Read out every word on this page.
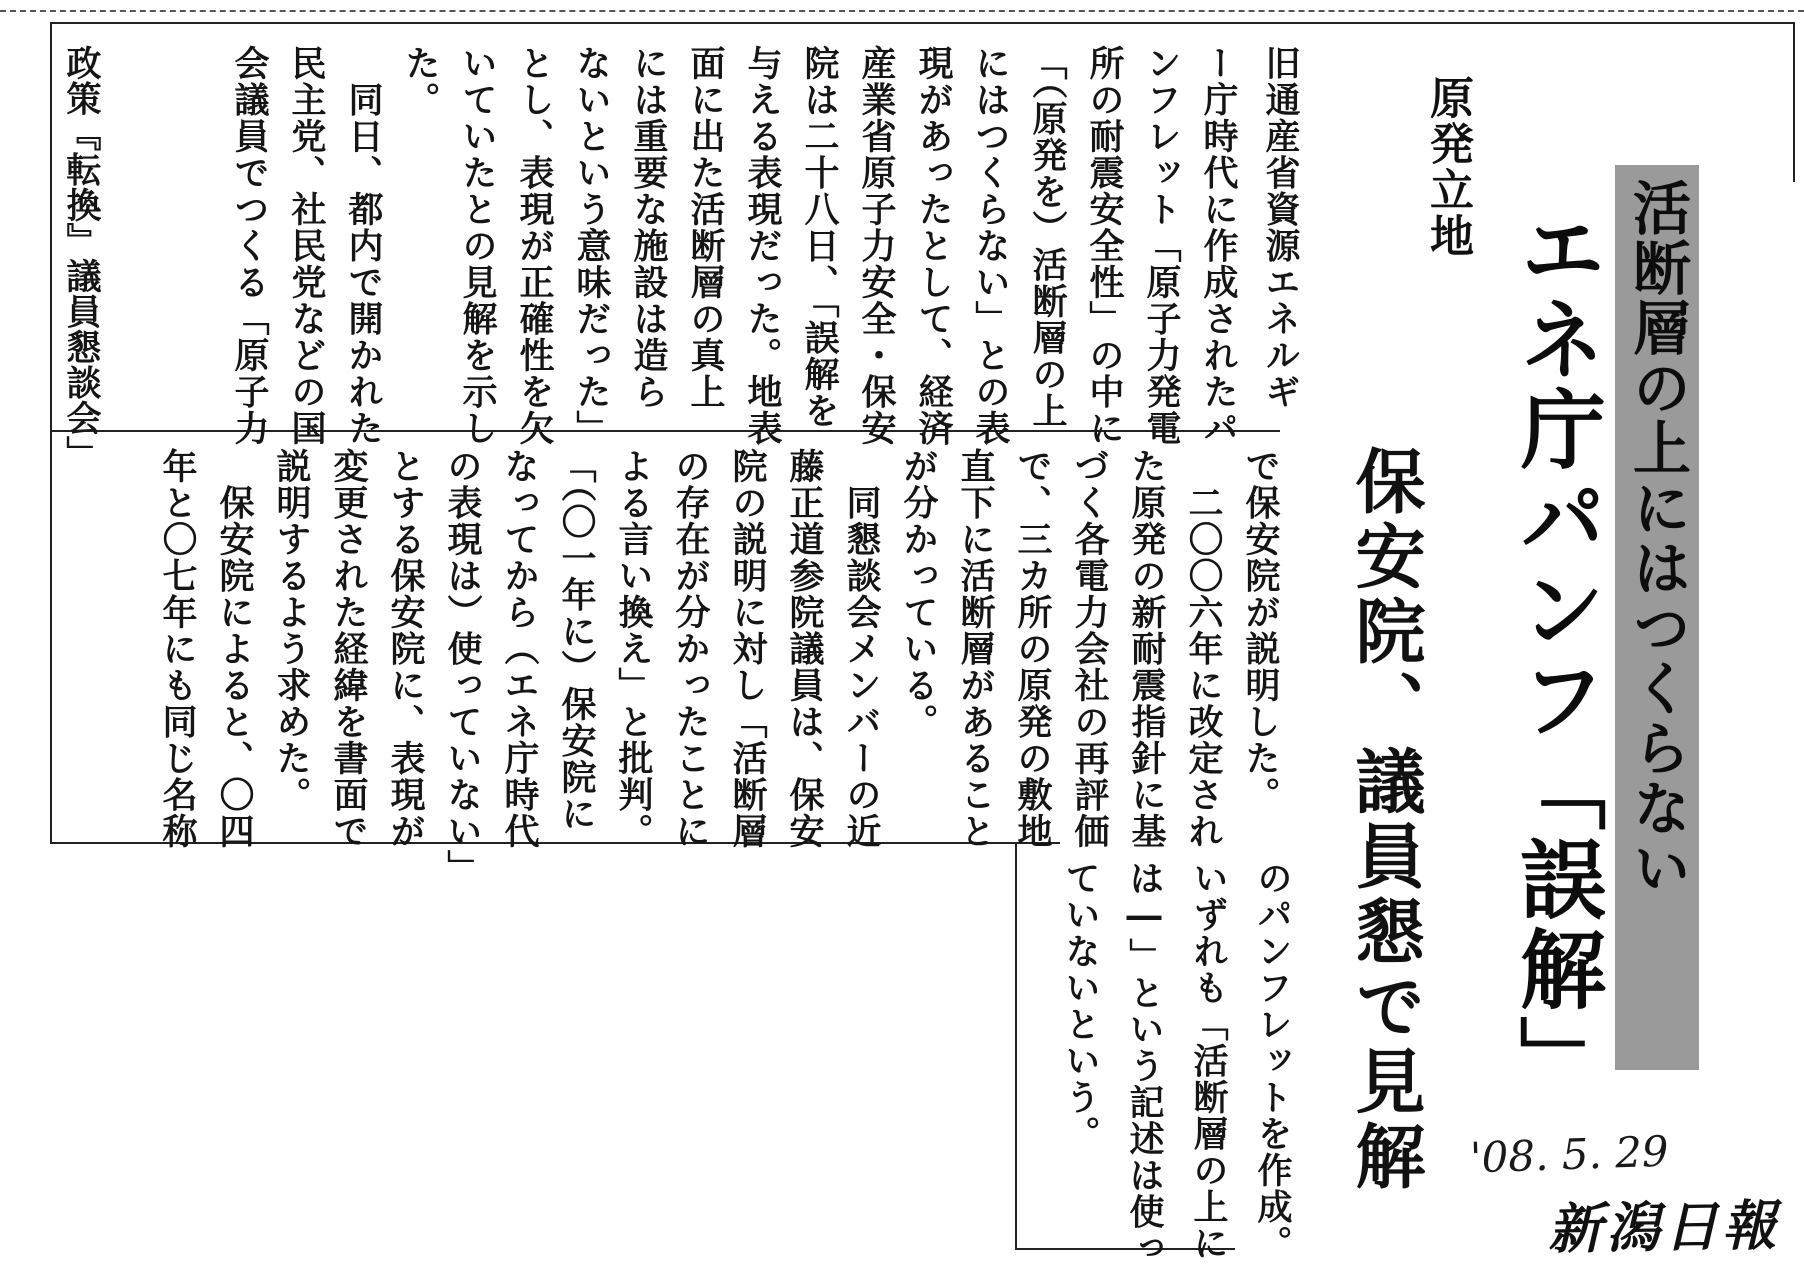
原発立地
活断層の上にはつくらない
エネ庁パンフ「誤解」
保安院、議員懇で見解
旧通産省資源エネルギ
ー庁時代に作成されたパ
ンフレット「原子力発電
所の耐震安全性」の中に
「（原発を）活断層の上
にはつくらない」との表
現があったとして、経済
産業省原子力安全・保安
院は二十八日、「誤解を
与える表現だった。地表
面に出た活断層の真上
には重要な施設は造ら
ないという意味だった」
とし、表現が正確性を欠
いていたとの見解を示し
た。
　同日、都内で開かれた
民主党、社民党などの国
会議員でつくる「原子力
政策『転換』議員懇談会」
で保安院が説明した。
　二〇〇六年に改定され
た原発の新耐震指針に基
づく各電力会社の再評価
で、三カ所の原発の敷地
直下に活断層があること
が分かっている。
　同懇談会メンバーの近
藤正道参院議員は、保安
院の説明に対し「活断層
の存在が分かったことに
よる言い換え」と批判。
「（〇一年に）保安院に
なってから（エネ庁時代
の表現は）使っていない」
とする保安院に、表現が
変更された経緯を書面で
説明するよう求めた。
　保安院によると、〇四
年と〇七年にも同じ名称
のパンフレットを作成。
いずれも「活断層の上に
は―」という記述は使っ
ていないという。
'08. 5. 29
新潟日報
